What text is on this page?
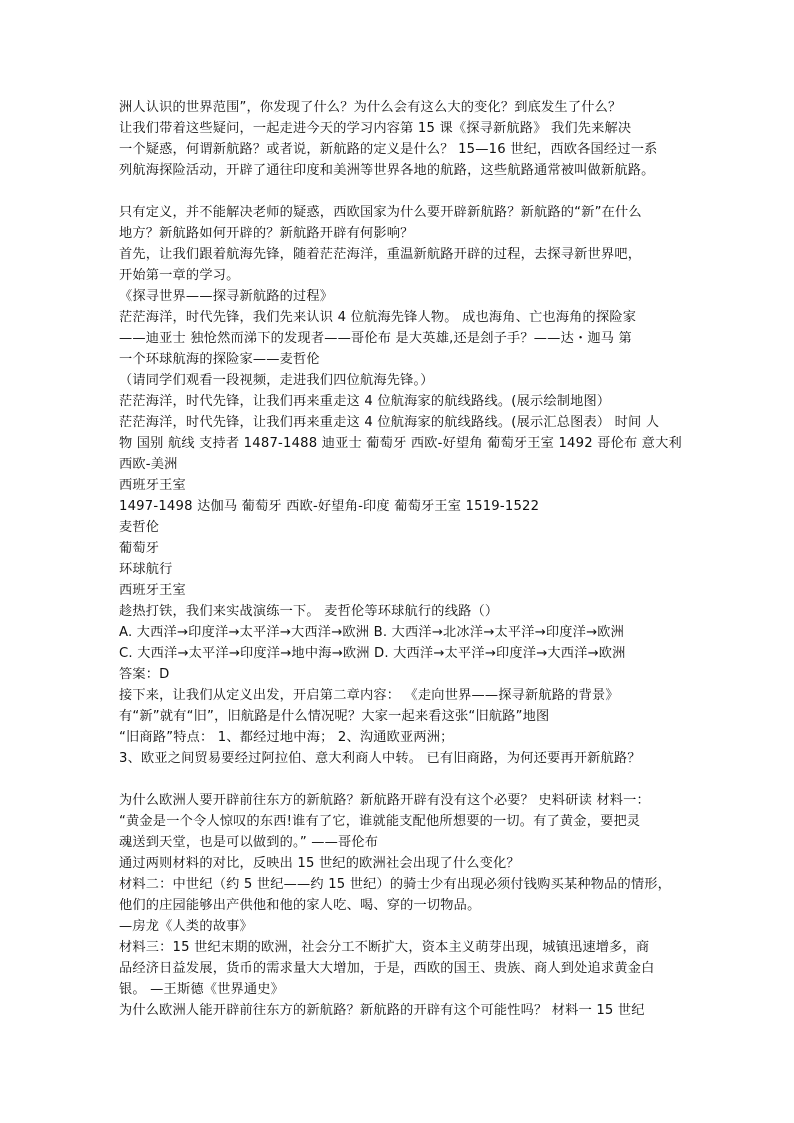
洲人认识的世界范围”，你发现了什么？为什么会有这么大的变化？到底发生了什么？
让我们带着这些疑问，一起走进今天的学习内容第 15 课《探寻新航路》 我们先来解决
一个疑惑，何谓新航路？或者说，新航路的定义是什么？ 15—16 世纪，西欧各国经过一系
列航海探险活动，开辟了通往印度和美洲等世界各地的航路，这些航路通常被叫做新航路。
只有定义，并不能解决老师的疑惑，西欧国家为什么要开辟新航路？新航路的“新”在什么
地方？新航路如何开辟的？新航路开辟有何影响？
首先，让我们跟着航海先锋，随着茫茫海洋，重温新航路开辟的过程，去探寻新世界吧，
开始第一章的学习。
《探寻世界——探寻新航路的过程》
茫茫海洋，时代先锋，我们先来认识 4 位航海先锋人物。 成也海角、亡也海角的探险家
——迪亚士 独怆然而涕下的发现者——哥伦布 是大英雄,还是刽子手？——达・迦马 第
一个环球航海的探险家——麦哲伦
（请同学们观看一段视频，走进我们四位航海先锋。）
茫茫海洋，时代先锋，让我们再来重走这 4 位航海家的航线路线。(展示绘制地图）
茫茫海洋，时代先锋，让我们再来重走这 4 位航海家的航线路线。(展示汇总图表） 时间 人
物 国别 航线 支持者 1487-1488 迪亚士 葡萄牙 西欧-好望角 葡萄牙王室 1492 哥伦布 意大利
西欧-美洲
西班牙王室
1497-1498 达伽马 葡萄牙 西欧-好望角-印度 葡萄牙王室 1519-1522
麦哲伦
葡萄牙
环球航行
西班牙王室
趁热打铁，我们来实战演练一下。 麦哲伦等环球航行的线路（）
A. 大西洋→印度洋→太平洋→大西洋→欧洲 B. 大西洋→北冰洋→太平洋→印度洋→欧洲
C. 大西洋→太平洋→印度洋→地中海→欧洲 D. 大西洋→太平洋→印度洋→大西洋→欧洲
答案：D
接下来，让我们从定义出发，开启第二章内容： 《走向世界——探寻新航路的背景》
有“新”就有“旧”，旧航路是什么情况呢？大家一起来看这张“旧航路”地图
“旧商路”特点： 1、都经过地中海； 2、沟通欧亚两洲；
3、欧亚之间贸易要经过阿拉伯、意大利商人中转。 已有旧商路，为何还要再开新航路？
为什么欧洲人要开辟前往东方的新航路？新航路开辟有没有这个必要？ 史料研读 材料一：
“黄金是一个令人惊叹的东西!谁有了它，谁就能支配他所想要的一切。有了黄金，要把灵
魂送到天堂，也是可以做到的。” ——哥伦布
通过两则材料的对比，反映出 15 世纪的欧洲社会出现了什么变化？
材料二：中世纪（约 5 世纪——约 15 世纪）的骑士少有出现必须付钱购买某种物品的情形，
他们的庄园能够出产供他和他的家人吃、喝、穿的一切物品。
—房龙《人类的故事》
材料三：15 世纪末期的欧洲，社会分工不断扩大，资本主义萌芽出现，城镇迅速增多，商
品经济日益发展，货币的需求量大大增加，于是，西欧的国王、贵族、商人到处追求黄金白
银。 —王斯德《世界通史》
为什么欧洲人能开辟前往东方的新航路？新航路的开辟有这个可能性吗？ 材料一 15 世纪
